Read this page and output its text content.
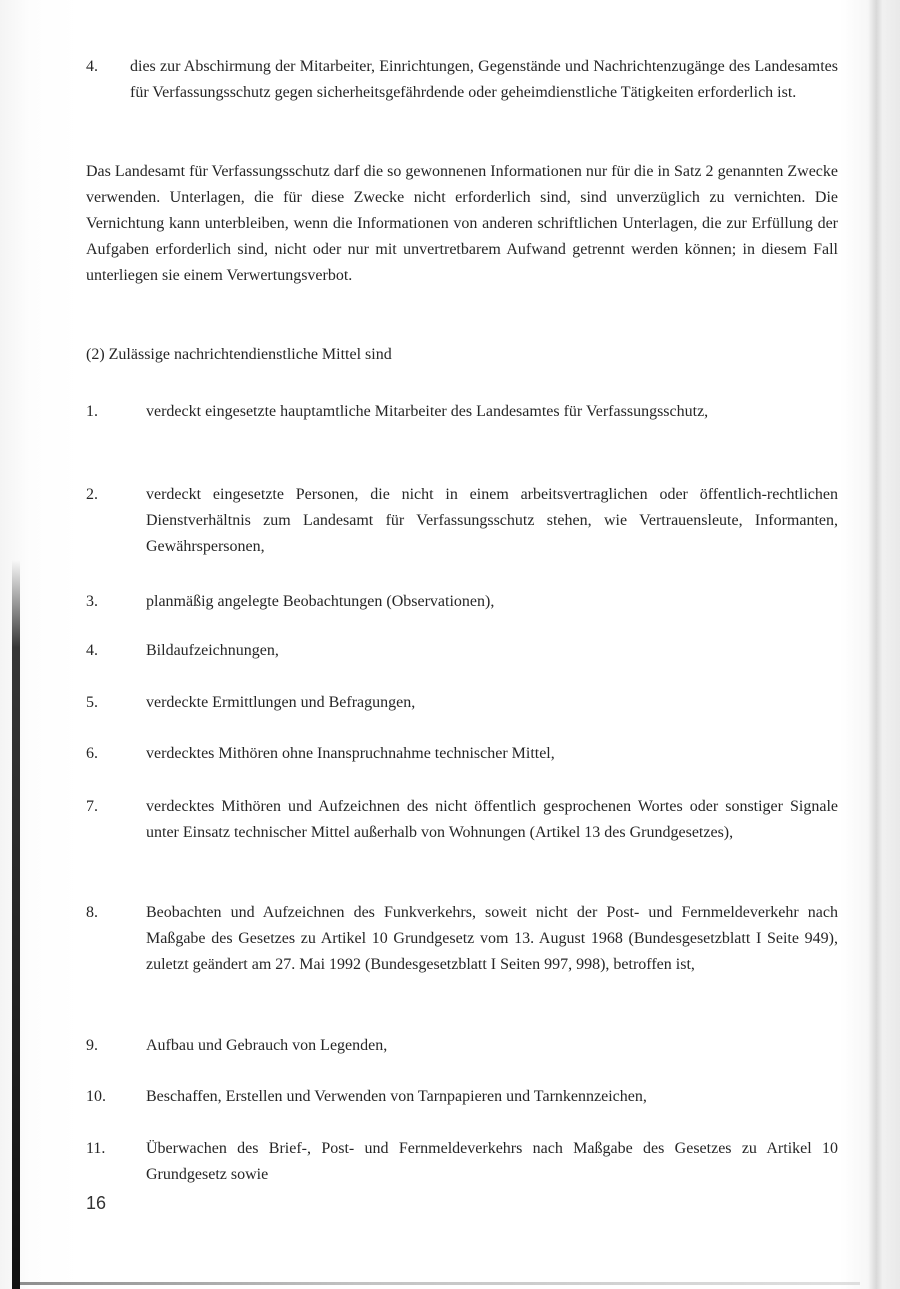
4. dies zur Abschirmung der Mitarbeiter, Einrichtungen, Gegenstände und Nachrichtenzugänge des Landesamtes für Verfassungsschutz gegen sicherheitsgefährdende oder geheimdienstliche Tätigkeiten erforderlich ist.
Das Landesamt für Verfassungsschutz darf die so gewonnenen Informationen nur für die in Satz 2 genannten Zwecke verwenden. Unterlagen, die für diese Zwecke nicht erforderlich sind, sind unverzüglich zu vernichten. Die Vernichtung kann unterbleiben, wenn die Informationen von anderen schriftlichen Unterlagen, die zur Erfüllung der Aufgaben erforderlich sind, nicht oder nur mit unvertretbarem Aufwand getrennt werden können; in diesem Fall unterliegen sie einem Verwertungsverbot.
(2) Zulässige nachrichtendienstliche Mittel sind
1.	verdeckt eingesetzte hauptamtliche Mitarbeiter des Landesamtes für Verfassungsschutz,
2.	verdeckt eingesetzte Personen, die nicht in einem arbeitsvertraglichen oder öffentlich-rechtlichen Dienstverhältnis zum Landesamt für Verfassungsschutz stehen, wie Vertrauensleute, Informanten, Gewährspersonen,
3.	planmäßig angelegte Beobachtungen (Observationen),
4.	Bildaufzeichnungen,
5.	verdeckte Ermittlungen und Befragungen,
6.	verdecktes Mithören ohne Inanspruchnahme technischer Mittel,
7.	verdecktes Mithören und Aufzeichnen des nicht öffentlich gesprochenen Wortes oder sonstiger Signale unter Einsatz technischer Mittel außerhalb von Wohnungen (Artikel 13 des Grundgesetzes),
8.	Beobachten und Aufzeichnen des Funkverkehrs, soweit nicht der Post- und Fernmeldeverkehr nach Maßgabe des Gesetzes zu Artikel 10 Grundgesetz vom 13. August 1968 (Bundesgesetzblatt I Seite 949), zuletzt geändert am 27. Mai 1992 (Bundesgesetzblatt I Seiten 997, 998), betroffen ist,
9.	Aufbau und Gebrauch von Legenden,
10.	Beschaffen, Erstellen und Verwenden von Tarnpapieren und Tarnkennzeichen,
11.	Überwachen des Brief-, Post- und Fernmeldeverkehrs nach Maßgabe des Gesetzes zu Artikel 10 Grundgesetz sowie
16
